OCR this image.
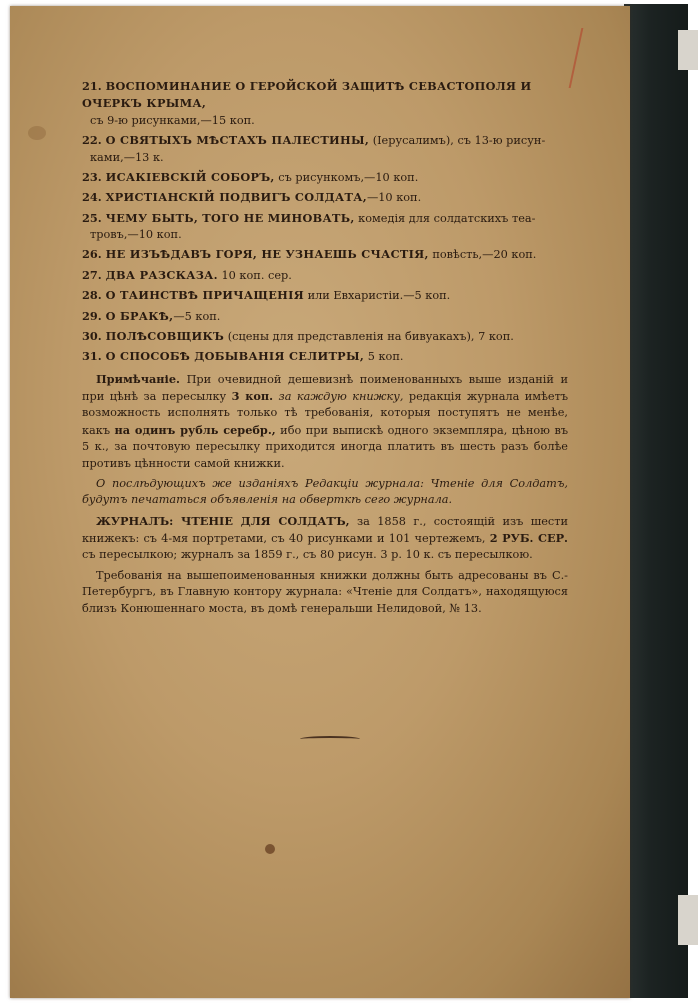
21. ВОСПОМИНАНИЕ О ГЕРОЙСКОЙ ЗАЩИТѢ СЕВАСТОПОЛЯ И ОЧЕРКЪ КРЫМА,
съ 9-ю рисунками,—15 коп.
22. О СВЯТЫХЪ МѢСТАХЪ ПАЛЕСТИНЫ, (Іерусалимъ), съ 13-ю рисун-
ками,—13 к.
23. ИСАКІЕВСКІЙ СОБОРЪ, съ рисункомъ,—10 коп.
24. ХРИСТІАНСКІЙ ПОДВИГЪ СОЛДАТА,—10 коп.
25. ЧЕМУ БЫТЬ, ТОГО НЕ МИНОВАТЬ, комедія для солдатскихъ теа-
тровъ,—10 коп.
26. НЕ ИЗЪѢДАВЪ ГОРЯ, НЕ УЗНАЕШЬ СЧАСТІЯ, повѣсть,—20 коп.
27. ДВА РАЗСКАЗА. 10 коп. сер.
28. О ТАИНСТВѢ ПРИЧАЩЕНІЯ или Евхаристіи.—5 коп.
29. О БРАКѢ,—5 коп.
30. ПОЛѢСОВЩИКЪ (сцены для представленія на бивуакахъ), 7 коп.
31. О СПОСОБѢ ДОБЫВАНІЯ СЕЛИТРЫ, 5 коп.
Примѣчаніе. При очевидной дешевизнѣ поименованныхъ выше изданій и при цѣнѣ за пересылку 3 коп. за каждую книжку, редакція журнала имѣетъ возможность исполнять только тѣ требованія, которыя поступятъ не менѣе, какъ на одинъ рубль серебр., ибо при выпискѣ одного экземпляра, цѣною въ 5 к., за почтовую пересылку приходится иногда платить въ шесть разъ болѣе противъ цѣнности самой книжки.
О послѣдующихъ же изданіяхъ Редакціи журнала: Чтеніе для Солдатъ, будутъ печататься объявленія на обверткѣ сего журнала.
ЖУРНАЛЪ: ЧТЕНІЕ ДЛЯ СОЛДАТЪ, за 1858 г., состоящій изъ шести книжекъ: съ 4-мя портретами, съ 40 рисунками и 101 чертежемъ, 2 РУБ. СЕР. съ пересылкою; журналъ за 1859 г., съ 80 рисун. 3 р. 10 к. съ пересылкою.
Требованія на вышепоименованныя книжки должны быть адресованы въ С.-Петербургъ, въ Главную контору журнала: «Чтеніе для Солдатъ», находящуюся близъ Конюшеннаго моста, въ домѣ генеральши Нелидовой, № 13.
